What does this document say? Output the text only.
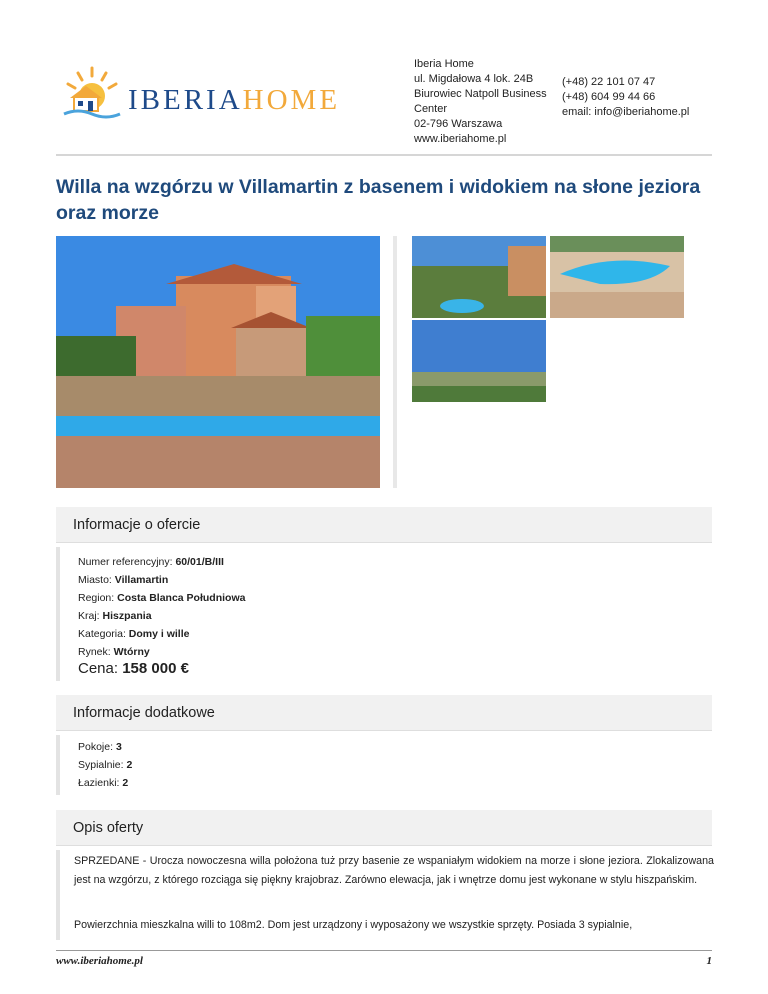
IBERIAHOME
Iberia Home
ul. Migdałowa 4 lok. 24B
Biurowiec Natpoll Business
Center
02-796 Warszawa
www.iberiahome.pl
(+48) 22 101 07 47
(+48) 604 99 44 66
email: info@iberiahome.pl
Willa na wzgórzu w Villamartin z basenem i widokiem na słone jeziora oraz morze
Informacje o ofercie
Numer referencyjny: 60/01/B/III
Miasto: Villamartin
Region: Costa Blanca Południowa
Kraj: Hiszpania
Kategoria: Domy i wille
Rynek: Wtórny
Cena: 158 000 €
Informacje dodatkowe
Pokoje: 3
Sypialnie: 2
Łazienki: 2
Opis oferty

SPRZEDANE - Urocza nowoczesna willa położona tuż przy basenie ze wspaniałym widokiem na morze i słone jeziora. Zlokalizowana jest na wzgórzu, z którego rozciąga się piękny krajobraz. Zarówno elewacja, jak i wnętrze domu jest wykonane w stylu hiszpańskim.

Powierzchnia mieszkalna willi to 108m2. Dom jest urządzony i wyposażony we wszystkie sprzęty. Posiada 3 sypialnie,

www.iberiahome.pl	1
